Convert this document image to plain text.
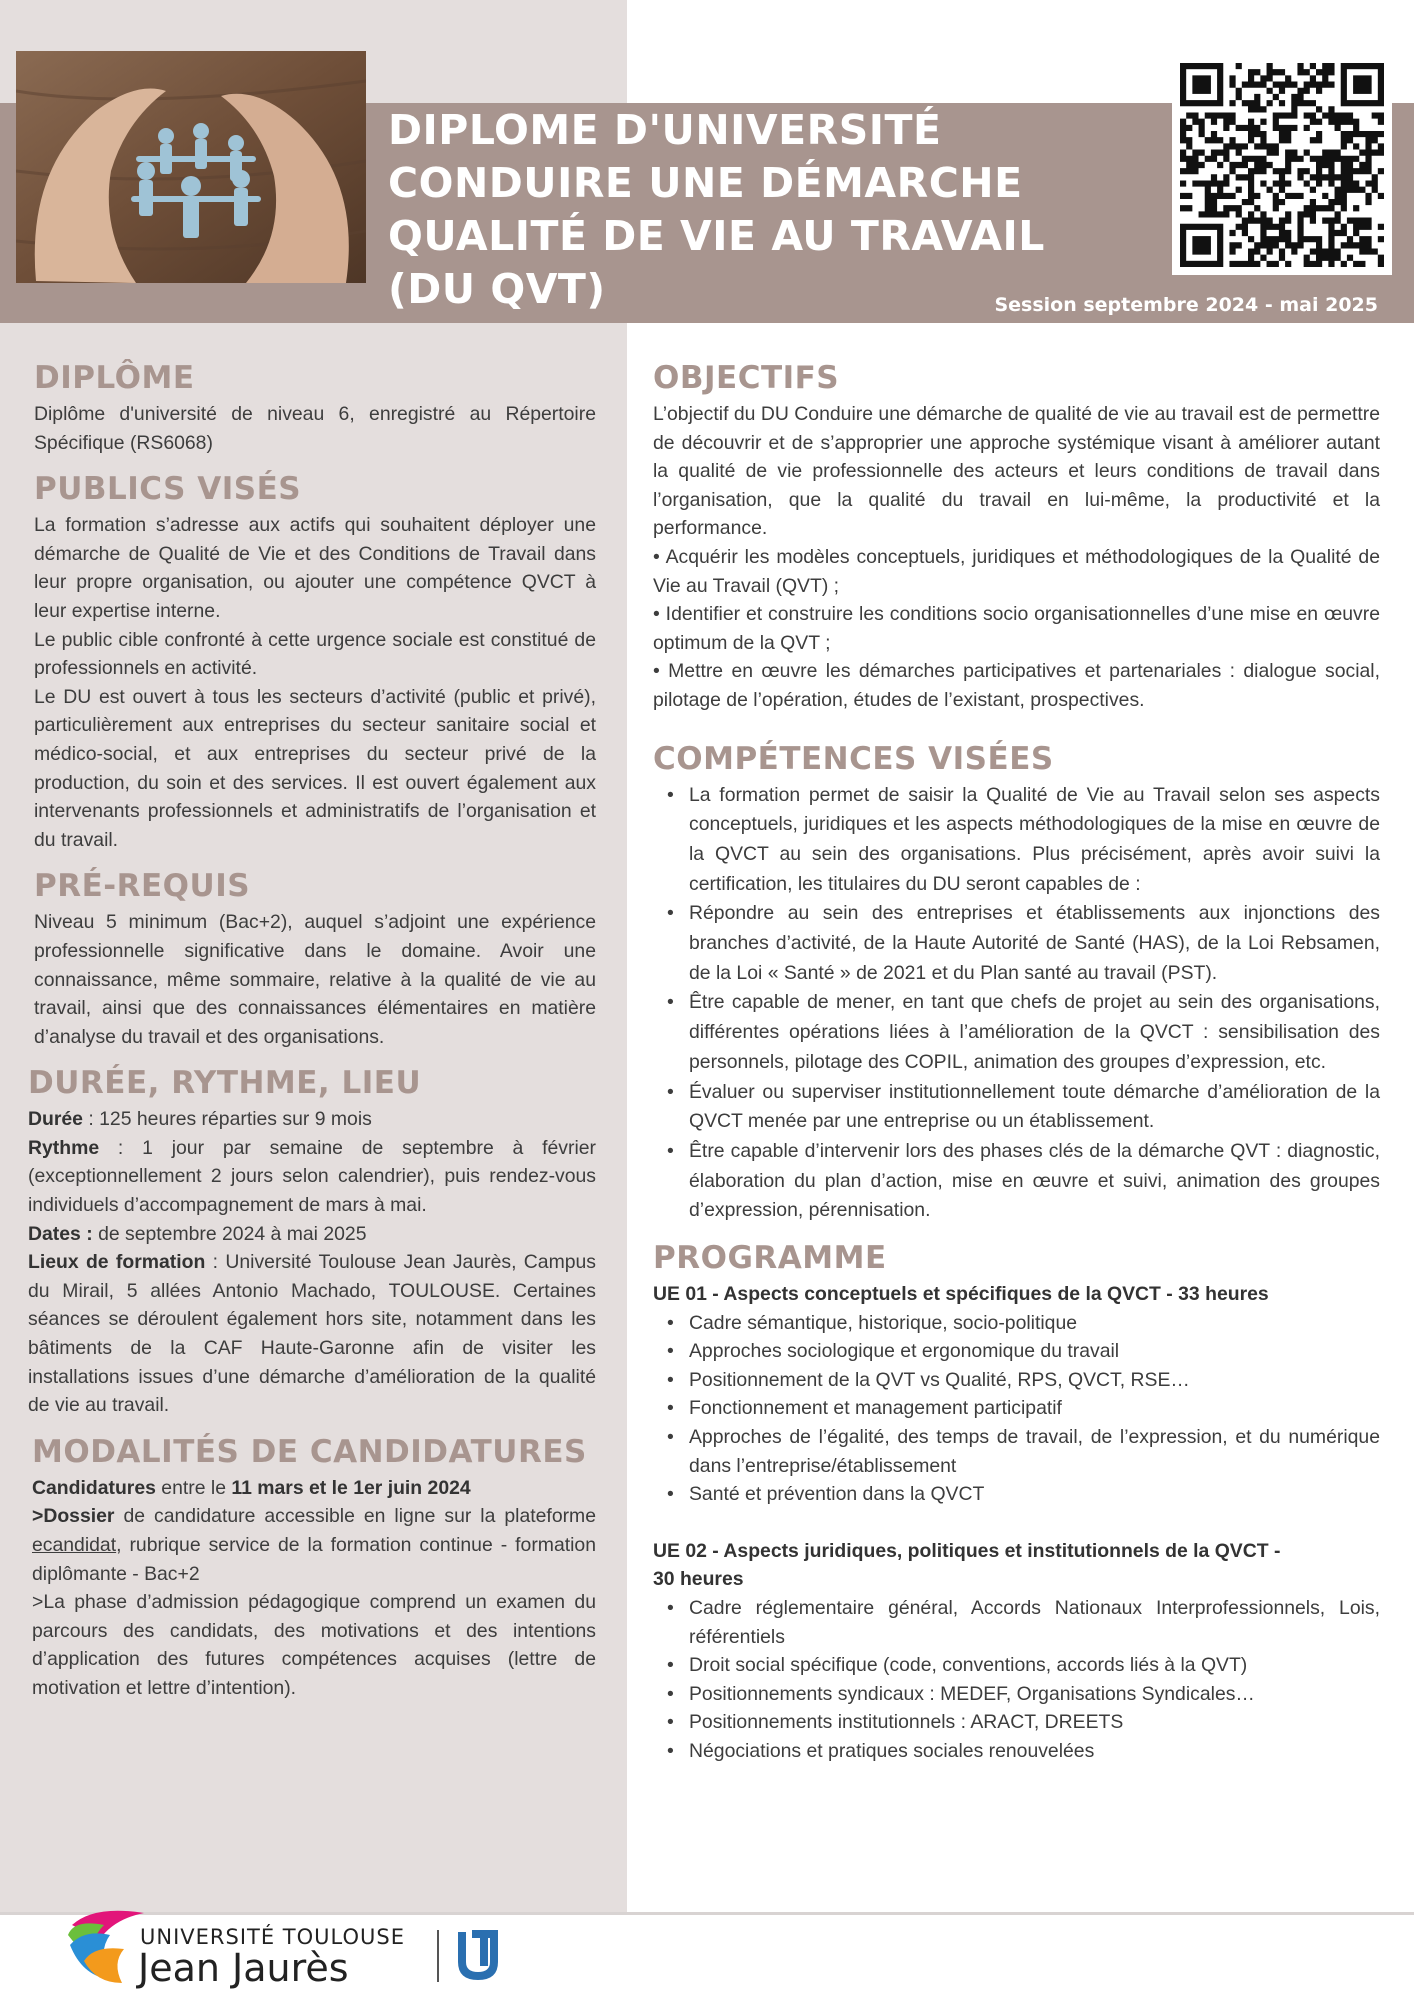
DIPLOME D'UNIVERSITÉ
CONDUIRE UNE DÉMARCHE
QUALITÉ DE VIE AU TRAVAIL
(DU QVT)	Session septembre 2024 - mai 2025
DIPLÔME

Diplôme d'université de niveau 6, enregistré au Répertoire Spécifique (RS6068)

PUBLICS VISÉS

La formation s’adresse aux actifs qui souhaitent déployer une démarche de Qualité de Vie et des Conditions de Travail dans leur propre organisation, ou ajouter une compétence QVCT à leur expertise interne.

Le public cible confronté à cette urgence sociale est constitué de professionnels en activité.

Le DU est ouvert à tous les secteurs d’activité (public et privé), particulièrement aux entreprises du secteur sanitaire social et médico-social, et aux entreprises du secteur privé de la production, du soin et des services. Il est ouvert également aux intervenants professionnels et administratifs de l’organisation et du travail.

PRÉ-REQUIS

Niveau 5 minimum (Bac+2), auquel s’adjoint une expérience professionnelle significative dans le domaine. Avoir une connaissance, même sommaire, relative à la qualité de vie au travail, ainsi que des connaissances élémentaires en matière d’analyse du travail et des organisations.

DURÉE, RYTHME, LIEU

Durée : 125 heures réparties sur 9 mois

Rythme : 1 jour par semaine de septembre à février (exceptionnellement 2 jours selon calendrier), puis rendez-vous individuels d’accompagnement de mars à mai.

Dates : de septembre 2024 à mai 2025

Lieux de formation : Université Toulouse Jean Jaurès, Campus du Mirail, 5 allées Antonio Machado, TOULOUSE. Certaines séances se déroulent également hors site, notamment dans les bâtiments de la CAF Haute-Garonne afin de visiter les installations issues d’une démarche d’amélioration de la qualité de vie au travail.

MODALITÉS DE CANDIDATURES

Candidatures entre le 11 mars et le 1er juin 2024

>Dossier de candidature accessible en ligne sur la plateforme ecandidat, rubrique service de la formation continue - formation diplômante - Bac+2

>La phase d’admission pédagogique comprend un examen du parcours des candidats, des motivations et des intentions d’application des futures compétences acquises (lettre de motivation et lettre d’intention).

OBJECTIFS

L’objectif du DU Conduire une démarche de qualité de vie au travail est de permettre de découvrir et de s’approprier une approche systémique visant à améliorer autant la qualité de vie professionnelle des acteurs et leurs conditions de travail dans l’organisation, que la qualité du travail en lui-même, la productivité et la performance.

• Acquérir les modèles conceptuels, juridiques et méthodologiques de la Qualité de Vie au Travail (QVT) ;

• Identifier et construire les conditions socio organisationnelles d’une mise en œuvre optimum de la QVT ;

• Mettre en œuvre les démarches participatives et partenariales : dialogue social, pilotage de l’opération, études de l’existant, prospectives.

COMPÉTENCES VISÉES
• La formation permet de saisir la Qualité de Vie au Travail selon ses aspects conceptuels, juridiques et les aspects méthodologiques de la mise en œuvre de la QVCT au sein des organisations. Plus précisément, après avoir suivi la certification, les titulaires du DU seront capables de :
• Répondre au sein des entreprises et établissements aux injonctions des branches d’activité, de la Haute Autorité de Santé (HAS), de la Loi Rebsamen, de la Loi « Santé » de 2021 et du Plan santé au travail (PST).
• Être capable de mener, en tant que chefs de projet au sein des organisations, différentes opérations liées à l’amélioration de la QVCT : sensibilisation des personnels, pilotage des COPIL, animation des groupes d’expression, etc.
• Évaluer ou superviser institutionnellement toute démarche d’amélioration de la QVCT menée par une entreprise ou un établissement.
• Être capable d’intervenir lors des phases clés de la démarche QVT : diagnostic, élaboration du plan d’action, mise en œuvre et suivi, animation des groupes d’expression, pérennisation.
PROGRAMME
UE 01 - Aspects conceptuels et spécifiques de la QVCT - 33 heures
• Cadre sémantique, historique, socio-politique
• Approches sociologique et ergonomique du travail
• Positionnement de la QVT vs Qualité, RPS, QVCT, RSE…
• Fonctionnement et management participatif
• Approches de l’égalité, des temps de travail, de l’expression, et du numérique dans l’entreprise/établissement
• Santé et prévention dans la QVCT
UE 02 - Aspects juridiques, politiques et institutionnels de la QVCT -
30 heures
• Cadre réglementaire général, Accords Nationaux Interprofessionnels, Lois, référentiels
• Droit social spécifique (code, conventions, accords liés à la QVT)
• Positionnements syndicaux : MEDEF, Organisations Syndicales…
• Positionnements institutionnels : ARACT, DREETS
• Négociations et pratiques sociales renouvelées
UNIVERSITÉ TOULOUSE
Jean Jaurès
